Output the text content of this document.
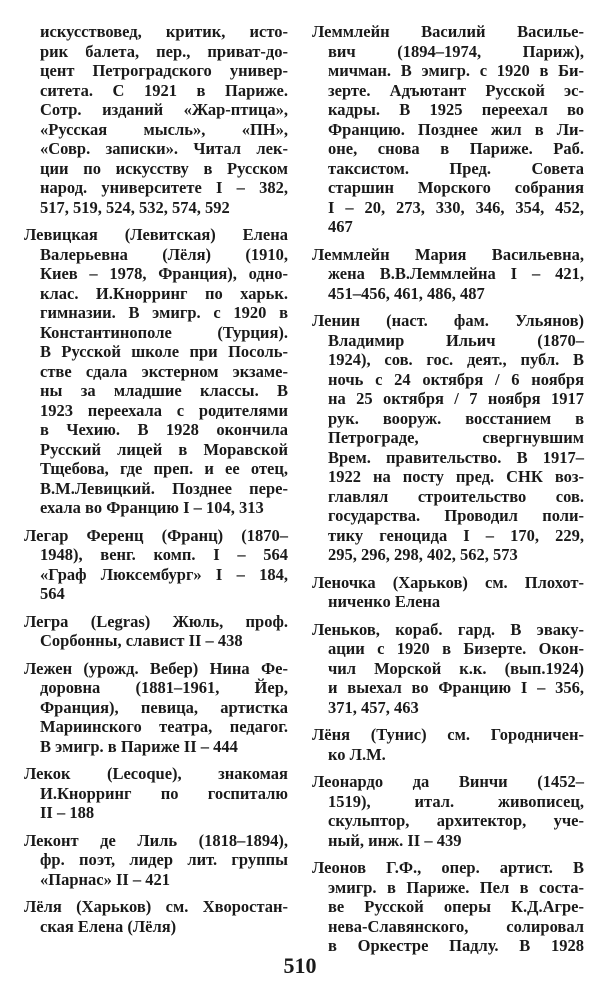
искусствовед, критик, исто-
рик балета, пер., приват-до-
цент Петроградского универ-
ситета. С 1921 в Париже.
Сотр. изданий «Жар-птица»,
«Русская мысль», «ПН»,
«Совр. записки». Читал лек-
ции по искусству в Русском
народ. университете I – 382,
517, 519, 524, 532, 574, 592
Левицкая (Левитская) Елена
Валерьевна (Лёля) (1910,
Киев – 1978, Франция), одно-
клас. И.Кнорринг по харьк.
гимназии. В эмигр. с 1920 в
Константинополе (Турция).
В Русской школе при Посоль-
стве сдала экстерном экзаме-
ны за младшие классы. В
1923 переехала с родителями
в Чехию. В 1928 окончила
Русский лицей в Моравской
Тщебова, где преп. и ее отец,
В.М.Левицкий. Позднее пере-
ехала во Францию I – 104, 313
Легар Ференц (Франц) (1870–
1948), венг. комп. I – 564
«Граф Люксембург» I – 184,
564
Легра (Legras) Жюль, проф.
Сорбонны, славист II – 438
Лежен (урожд. Вебер) Нина Фе-
доровна (1881–1961, Йер,
Франция), певица, артистка
Мариинского театра, педагог.
В эмигр. в Париже II – 444
Лекок (Lecoque), знакомая
И.Кнорринг по госпиталю
II – 188
Леконт де Лиль (1818–1894),
фр. поэт, лидер лит. группы
«Парнас» II – 421
Лёля (Харьков) см. Хворостан-
ская Елена (Лёля)
Леммлейн Василий Василье-
вич (1894–1974, Париж),
мичман. В эмигр. с 1920 в Би-
зерте. Адъютант Русской эс-
кадры. В 1925 переехал во
Францию. Позднее жил в Ли-
оне, снова в Париже. Раб.
таксистом. Пред. Совета
старшин Морского собрания
I – 20, 273, 330, 346, 354, 452,
467
Леммлейн Мария Васильевна,
жена В.В.Леммлейна I – 421,
451–456, 461, 486, 487
Ленин (наст. фам. Ульянов)
Владимир Ильич (1870–
1924), сов. гос. деят., публ. В
ночь с 24 октября / 6 ноября
на 25 октября / 7 ноября 1917
рук. вооруж. восстанием в
Петрограде, свергнувшим
Врем. правительство. В 1917–
1922 на посту пред. СНК воз-
главлял строительство сов.
государства. Проводил поли-
тику геноцида I – 170, 229,
295, 296, 298, 402, 562, 573
Леночка (Харьков) см. Плохот-
ниченко Елена
Леньков, кораб. гард. В эваку-
ации с 1920 в Бизерте. Окон-
чил Морской к.к. (вып.1924)
и выехал во Францию I – 356,
371, 457, 463
Лёня (Тунис) см. Городничен-
ко Л.М.
Леонардо да Винчи (1452–
1519), итал. живописец,
скульптор, архитектор, уче-
ный, инж. II – 439
Леонов Г.Ф., опер. артист. В
эмигр. в Париже. Пел в соста-
ве Русской оперы К.Д.Агре-
нева-Славянского, солировал
в Оркестре Падлу. В 1928
510
